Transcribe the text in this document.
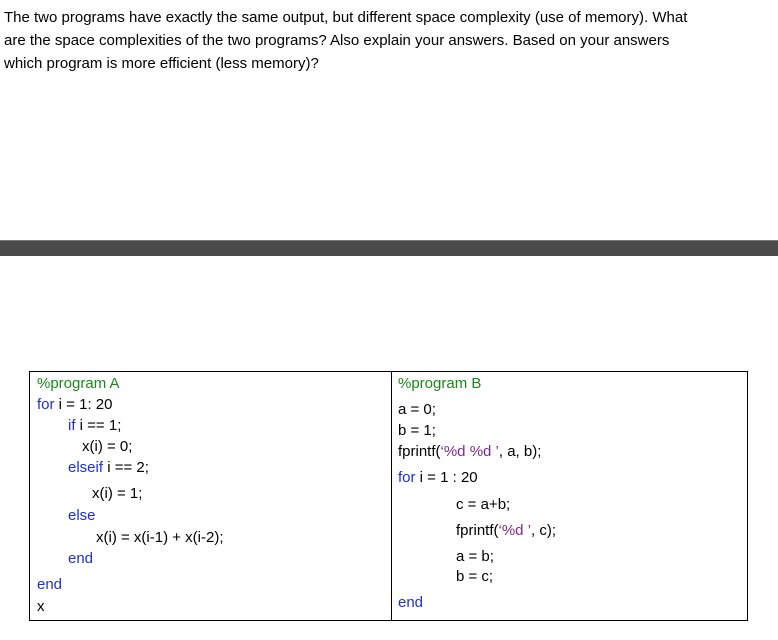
The two programs have exactly the same output, but different space complexity (use of memory). What
are the space complexities of the two programs? Also explain your answers. Based on your answers
which program is more efficient (less memory)?
%program A
for i = 1: 20
if i == 1;
x(i) = 0;
elseif i == 2;
x(i) = 1;
else
x(i) = x(i-1) + x(i-2);
end
end
x
%program B
a = 0;
b = 1;
fprintf(‘%d %d ’, a, b);
for i = 1 : 20
c = a+b;
fprintf(‘%d ’, c);
a = b;
b = c;
end
